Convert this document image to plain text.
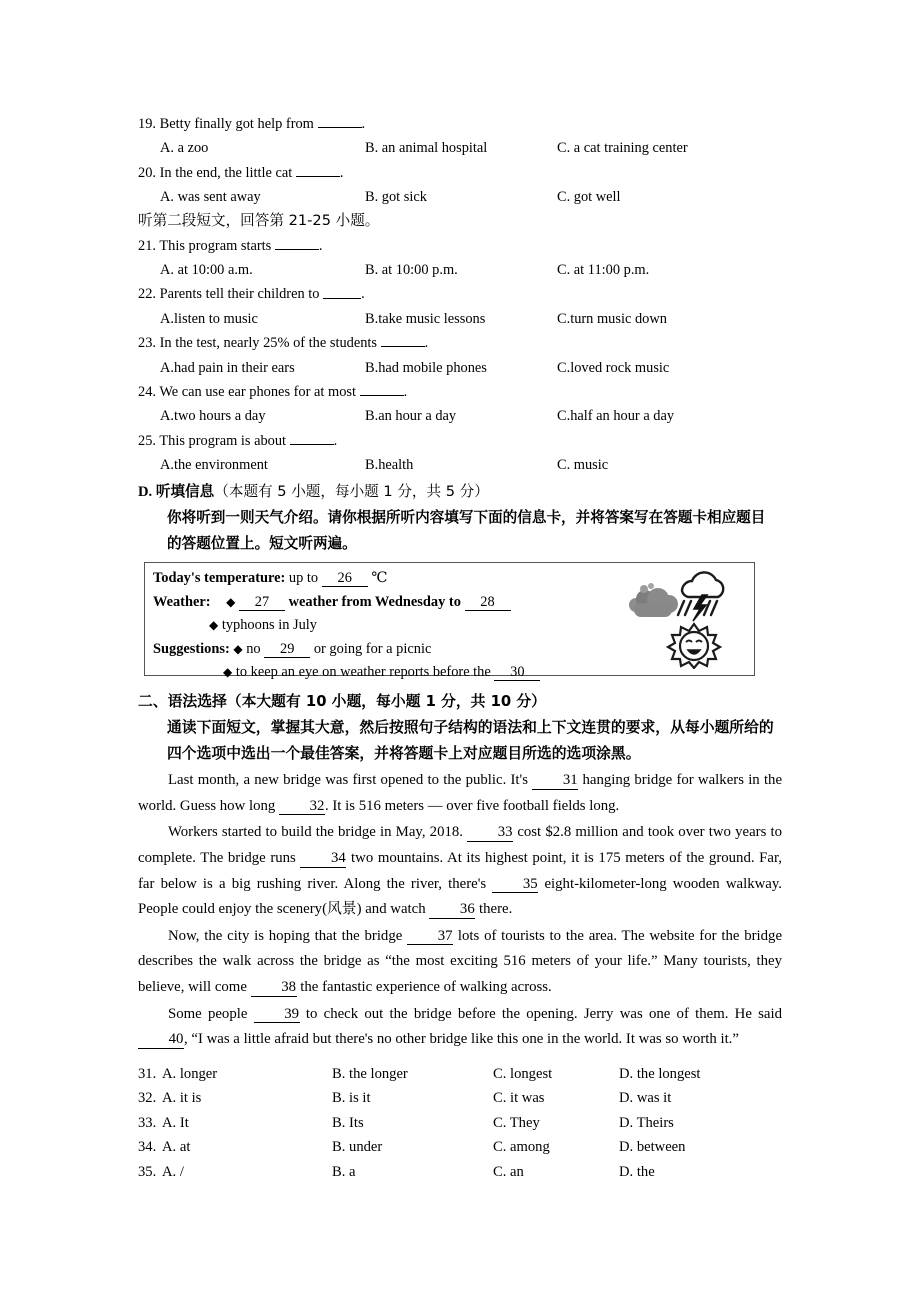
19. Betty finally got help from	.
A. a zoo	B. an animal hospital	C. a cat training center
20. In the end, the little cat	.
A. was sent away	B. got sick	C. got well
听第二段短文，回答第 21-25 小题。
21. This program starts	.
A. at 10:00 a.m.	B. at 10:00 p.m.	C. at 11:00 p.m.
22. Parents tell their children to	.
A.listen to music	B.take music lessons	C.turn music down
23. In the test, nearly 25% of the students	.
A.had pain in their ears	B.had mobile phones	C.loved rock music
24. We can use ear phones for at most	.
A.two hours a day	B.an hour a day	C.half an hour a day
25. This program is about	.
A.the environment	B.health	C. music
D. 听填信息（本题有 5 小题，每小题 1 分，共 5 分）
你将听到一则天气介绍。请你根据所听内容填写下面的信息卡，并将答案写在答题卡相应题目的答题位置上。短文听两遍。
Today's temperature: up to 26 ℃
Weather: ◆ 27 weather from Wednesday to 28
◆ typhoons in July
Suggestions: ◆ no 29 or going for a picnic
◆ to keep an eye on weather reports before the 30
二、语法选择（本大题有 10 小题，每小题 1 分，共 10 分）
通读下面短文，掌握其大意，然后按照句子结构的语法和上下文连贯的要求，从每小题所给的四个选项中选出一个最佳答案，并将答题卡上对应题目所选的选项涂黑。
Last month, a new bridge was first opened to the public. It's 31 hanging bridge for walkers in the world. Guess how long 32. It is 516 meters — over five football fields long.
Workers started to build the bridge in May, 2018. 33 cost $2.8 million and took over two years to complete. The bridge runs 34 two mountains. At its highest point, it is 175 meters of the ground. Far, far below is a big rushing river. Along the river, there's 35 eight-kilometer-long wooden walkway. People could enjoy the scenery(风景) and watch 36 there.
Now, the city is hoping that the bridge 37 lots of tourists to the area. The website for the bridge describes the walk across the bridge as “the most exciting 516 meters of your life.” Many tourists, they believe, will come 38 the fantastic experience of walking across.
Some people 39 to check out the bridge before the opening. Jerry was one of them. He said 40, “I was a little afraid but there's no other bridge like this one in the world. It was so worth it.”
31. A. longer	B. the longer	C. longest	D. the longest
32. A. it is	B. is it	C. it was	D. was it
33. A. It	B. Its	C. They	D. Theirs
34. A. at	B. under	C. among	D. between
35. A. /	B. a	C. an	D. the
